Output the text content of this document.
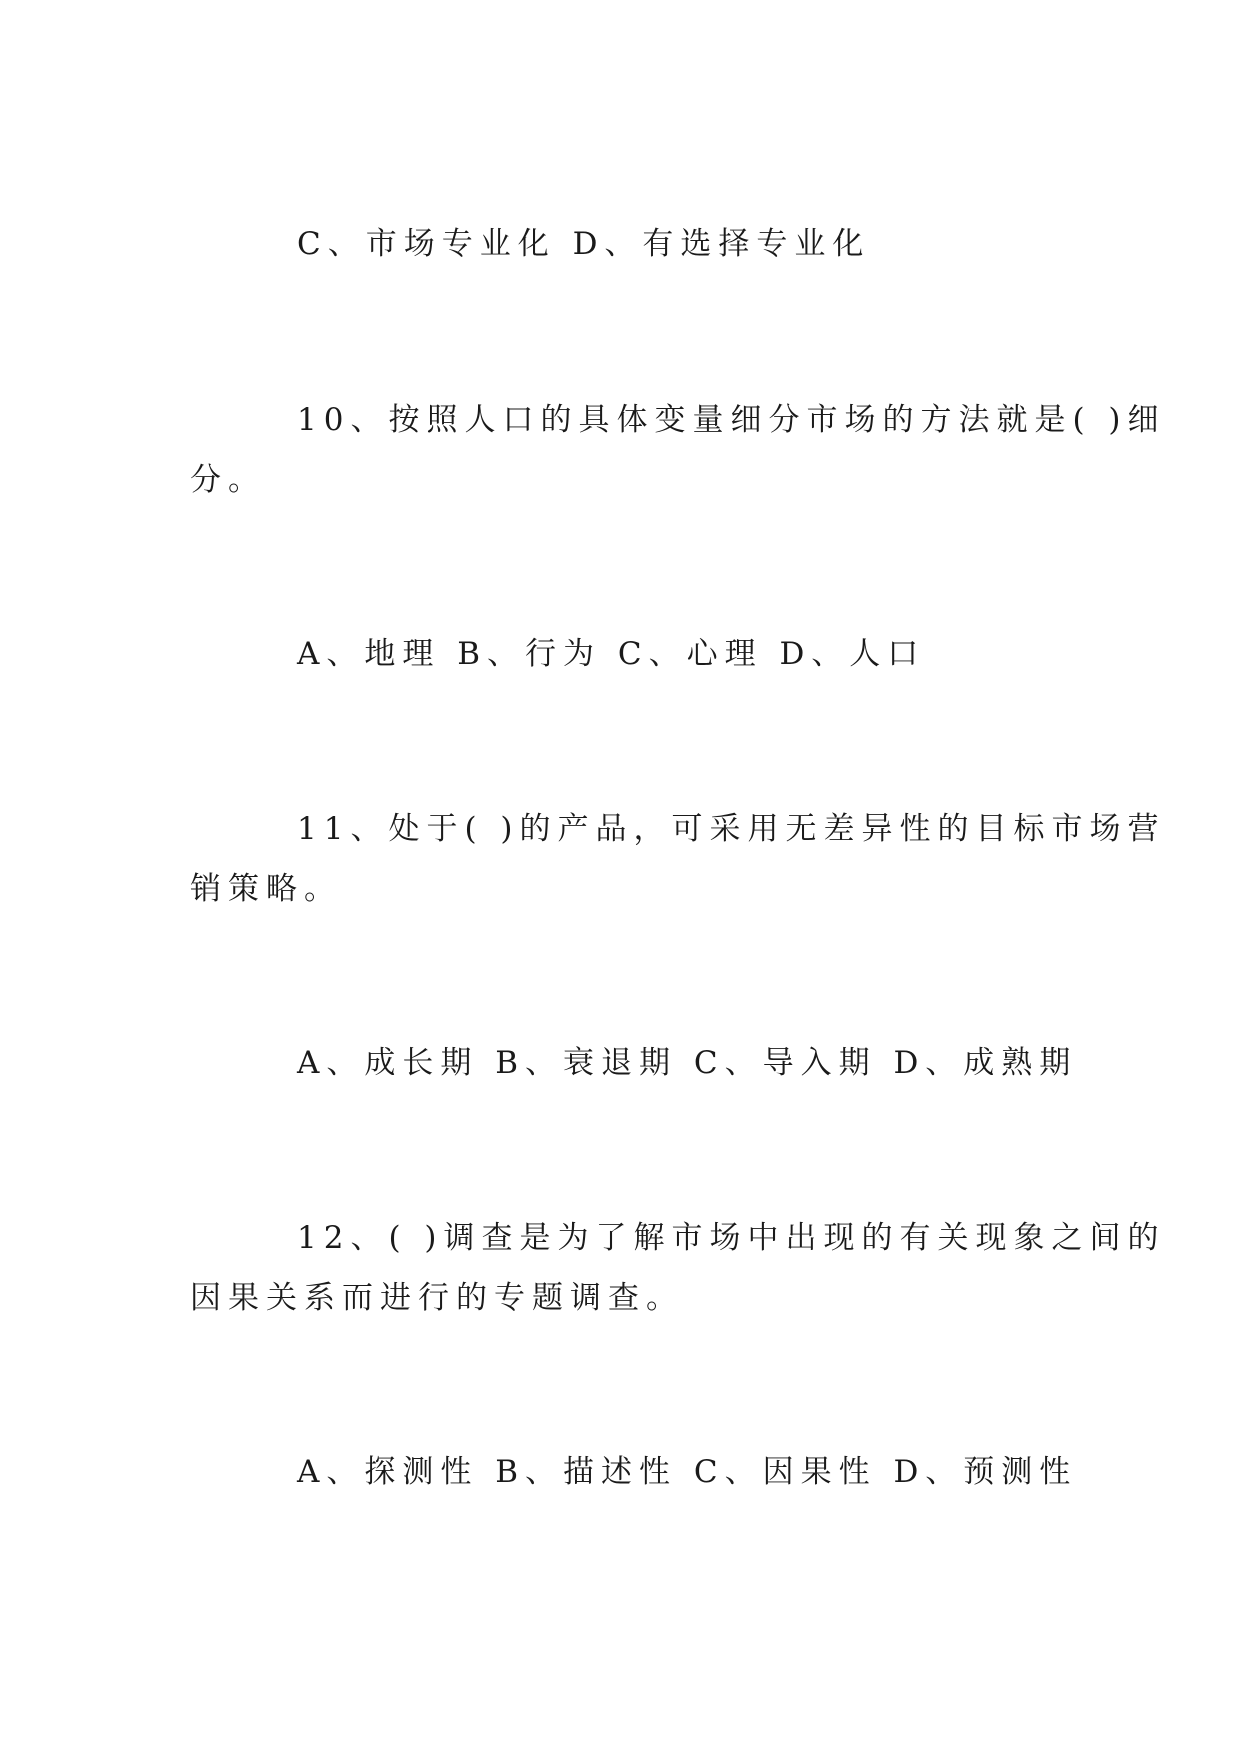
C、市场专业化 D、有选择专业化

10、按照人口的具体变量细分市场的方法就是( )细

分。

A、地理 B、行为 C、心理 D、人口

11、处于( )的产品，可采用无差异性的目标市场营

销策略。

A、成长期 B、衰退期 C、导入期 D、成熟期

12、( )调查是为了解市场中出现的有关现象之间的

因果关系而进行的专题调查。

A、探测性 B、描述性 C、因果性 D、预测性
